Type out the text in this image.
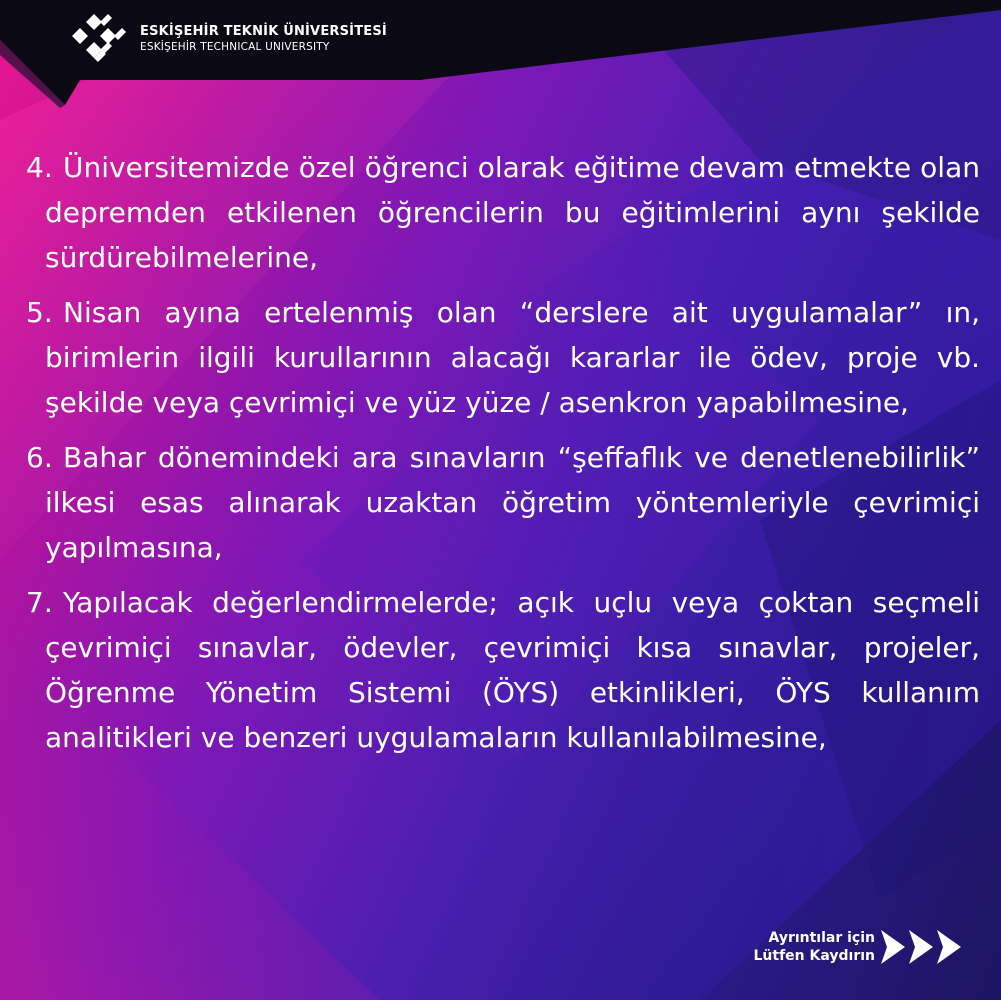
ESKİŞEHİR TEKNİK ÜNİVERSİTESİ
ESKİŞEHİR TECHNICAL UNIVERSITY
4. Üniversitemizde özel öğrenci olarak eğitime devam etmekte olan depremden etkilenen öğrencilerin bu eğitimlerini aynı şekilde sürdürebilmelerine,
5. Nisan ayına ertelenmiş olan “derslere ait uygulamalar” ın, birimlerin ilgili kurullarının alacağı kararlar ile ödev, proje vb. şekilde veya çevrimiçi ve yüz yüze / asenkron yapabilmesine,
6. Bahar dönemindeki ara sınavların “şeffaflık ve denetlenebilirlik” ilkesi esas alınarak uzaktan öğretim yöntemleriyle çevrimiçi yapılmasına,
7. Yapılacak değerlendirmelerde; açık uçlu veya çoktan seçmeli çevrimiçi sınavlar, ödevler, çevrimiçi kısa sınavlar, projeler, Öğrenme Yönetim Sistemi (ÖYS) etkinlikleri, ÖYS kullanım analitikleri ve benzeri uygulamaların kullanılabilmesine,
Ayrıntılar için
Lütfen Kaydırın
